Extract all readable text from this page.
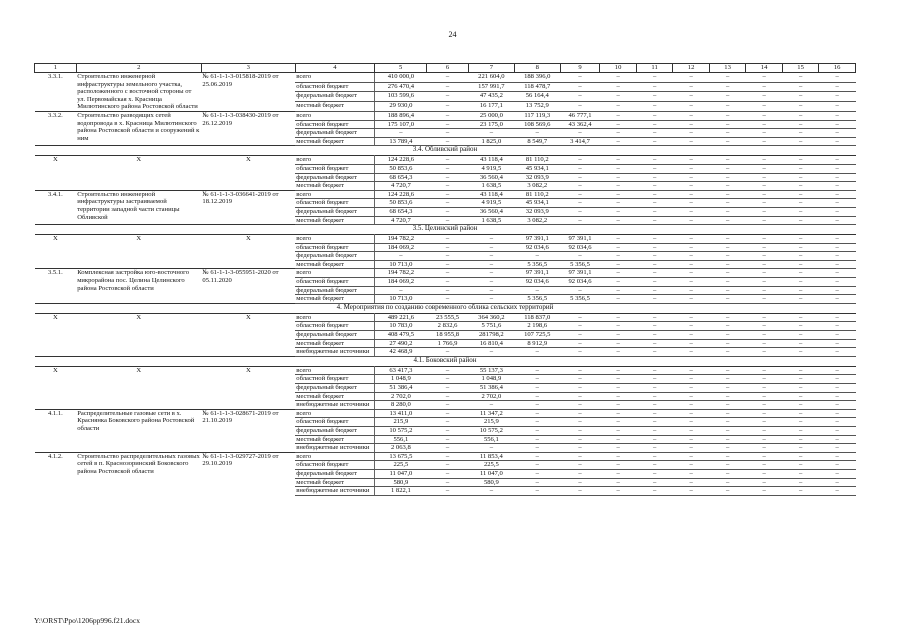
24
1	2	3	4	5	6	7	8	9	10	11	12	13	14	15	16
3.3.1.	Строительство инженерной инфраструктуры земельного участка, расположенного с восточной стороны от ул. Первомайская х. Красница Милютинского района Ростовской области	№ 61-1-1-3-015818-2019 от 25.06.2019	всего	410 000,0	–	221 604,0	188 396,0	–	–	–	–	–	–	–	–
			областной бюджет	276 470,4	–	157 991,7	118 478,7	–	–	–	–	–	–	–	–
			федеральный бюджет	103 599,6	–	47 435,2	56 164,4	–	–	–	–	–	–	–	–
			местный бюджет	29 930,0	–	16 177,1	13 752,9	–	–	–	–	–	–	–	–
3.3.2.	Строительство разводящих сетей водопровода в х. Красница Милютинского района Ростовской области и сооружений к ним	№ 61-1-1-3-038430-2019 от 26.12.2019	всего	188 896,4	–	25 000,0	117 119,3	46 777,1	–	–	–	–	–	–	–
			областной бюджет	175 107,0	–	23 175,0	108 569,6	43 362,4	–	–	–	–	–	–	–
			федеральный бюджет	–	–	–	–	–	–	–	–	–	–	–	–
			местный бюджет	13 789,4	–	1 825,0	8 549,7	3 414,7	–	–	–	–	–	–	–
3.4. Обливский район															
X	X	X	всего	124 228,6	–	43 118,4	81 110,2	–	–	–	–	–	–	–	–
			областной бюджет	50 853,6	–	4 919,5	45 934,1	–	–	–	–	–	–	–	–
			федеральный бюджет	68 654,3	–	36 560,4	32 093,9	–	–	–	–	–	–	–	–
			местный бюджет	4 720,7	–	1 638,5	3 082,2	–	–	–	–	–	–	–	–
3.4.1.	Строительство инженерной инфраструктуры застраиваемой территории западной части станицы Обливской	№ 61-1-1-3-036641-2019 от 18.12.2019	всего	124 228,6	–	43 118,4	81 110,2	–	–	–	–	–	–	–	–
			областной бюджет	50 853,6	–	4 919,5	45 934,1	–	–	–	–	–	–	–	–
			федеральный бюджет	68 654,3	–	36 560,4	32 093,9	–	–	–	–	–	–	–	–
			местный бюджет	4 720,7	–	1 638,5	3 082,2	–	–	–	–	–	–	–	–
3.5. Целинский район															
X	X	X	всего	194 782,2	–	–	97 391,1	97 391,1	–	–	–	–	–	–	–
			областной бюджет	184 069,2	–	–	92 034,6	92 034,6	–	–	–	–	–	–	–
			федеральный бюджет	–	–	–	–	–	–	–	–	–	–	–	–
			местный бюджет	10 713,0	–	–	5 356,5	5 356,5	–	–	–	–	–	–	–
3.5.1.	Комплексная застройка юго-восточного микрорайона пос. Целина Целинского района Ростовской области	№ 61-1-1-3-055951-2020 от 05.11.2020	всего	194 782,2	–	–	97 391,1	97 391,1	–	–	–	–	–	–	–
			областной бюджет	184 069,2	–	–	92 034,6	92 034,6	–	–	–	–	–	–	–
			федеральный бюджет	–	–	–	–	–	–	–	–	–	–	–	–
			местный бюджет	10 713,0	–	–	5 356,5	5 356,5	–	–	–	–	–	–	–
4. Мероприятия по созданию современного облика сельских территорий															
X	X	X	всего	489 221,6	23 555,5	364 360,2	118 837,0	–	–	–	–	–	–	–	–
			областной бюджет	10 783,0	2 832,6	5 751,6	2 198,6	–	–	–	–	–	–	–	–
			федеральный бюджет	408 479,5	18 955,8	281798,2	107 725,5	–	–	–	–	–	–	–	–
			местный бюджет	27 490,2	1 766,9	16 810,4	8 912,9	–	–	–	–	–	–	–	–
			внебюджетные источники	42 468,9	–	–	–	–	–	–	–	–	–	–	–
4.1. Боковский район															
X	X	X	всего	63 417,3	–	55 137,3	–	–	–	–	–	–	–	–	–
			областной бюджет	1 048,9	–	1 048,9	–	–	–	–	–	–	–	–	–
			федеральный бюджет	51 386,4	–	51 386,4	–	–	–	–	–	–	–	–	–
			местный бюджет	2 702,0	–	2 702,0	–	–	–	–	–	–	–	–	–
			внебюджетные источники	8 280,0	–	–	–	–	–	–	–	–	–	–	–
4.1.1.	Распределительные газовые сети в х. Краснянка Боковского района Ростовской области	№ 61-1-1-3-028671-2019 от 21.10.2019	всего	13 411,0	–	11 347,2	–	–	–	–	–	–	–	–	–
			областной бюджет	215,9	–	215,9	–	–	–	–	–	–	–	–	–
			федеральный бюджет	10 575,2	–	10 575,2	–	–	–	–	–	–	–	–	–
			местный бюджет	556,1	–	556,1	–	–	–	–	–	–	–	–	–
			внебюджетные источники	2 063,8	–	–	–	–	–	–	–	–	–	–	–
4.1.2.	Строительство распределительных газовых сетей в п. Краснозоринский Боковского района Ростовской области	№ 61-1-1-3-029727-2019 от 29.10.2019	всего	13 675,5	–	11 853,4	–	–	–	–	–	–	–	–	–
			областной бюджет	225,5	–	225,5	–	–	–	–	–	–	–	–	–
			федеральный бюджет	11 047,0	–	11 047,0	–	–	–	–	–	–	–	–	–
			местный бюджет	580,9	–	580,9	–	–	–	–	–	–	–	–	–
			внебюджетные источники	1 822,1	–	–	–	–	–	–	–	–	–	–	–
Y:\ORST\Ppo\1206pp996.f21.docx
